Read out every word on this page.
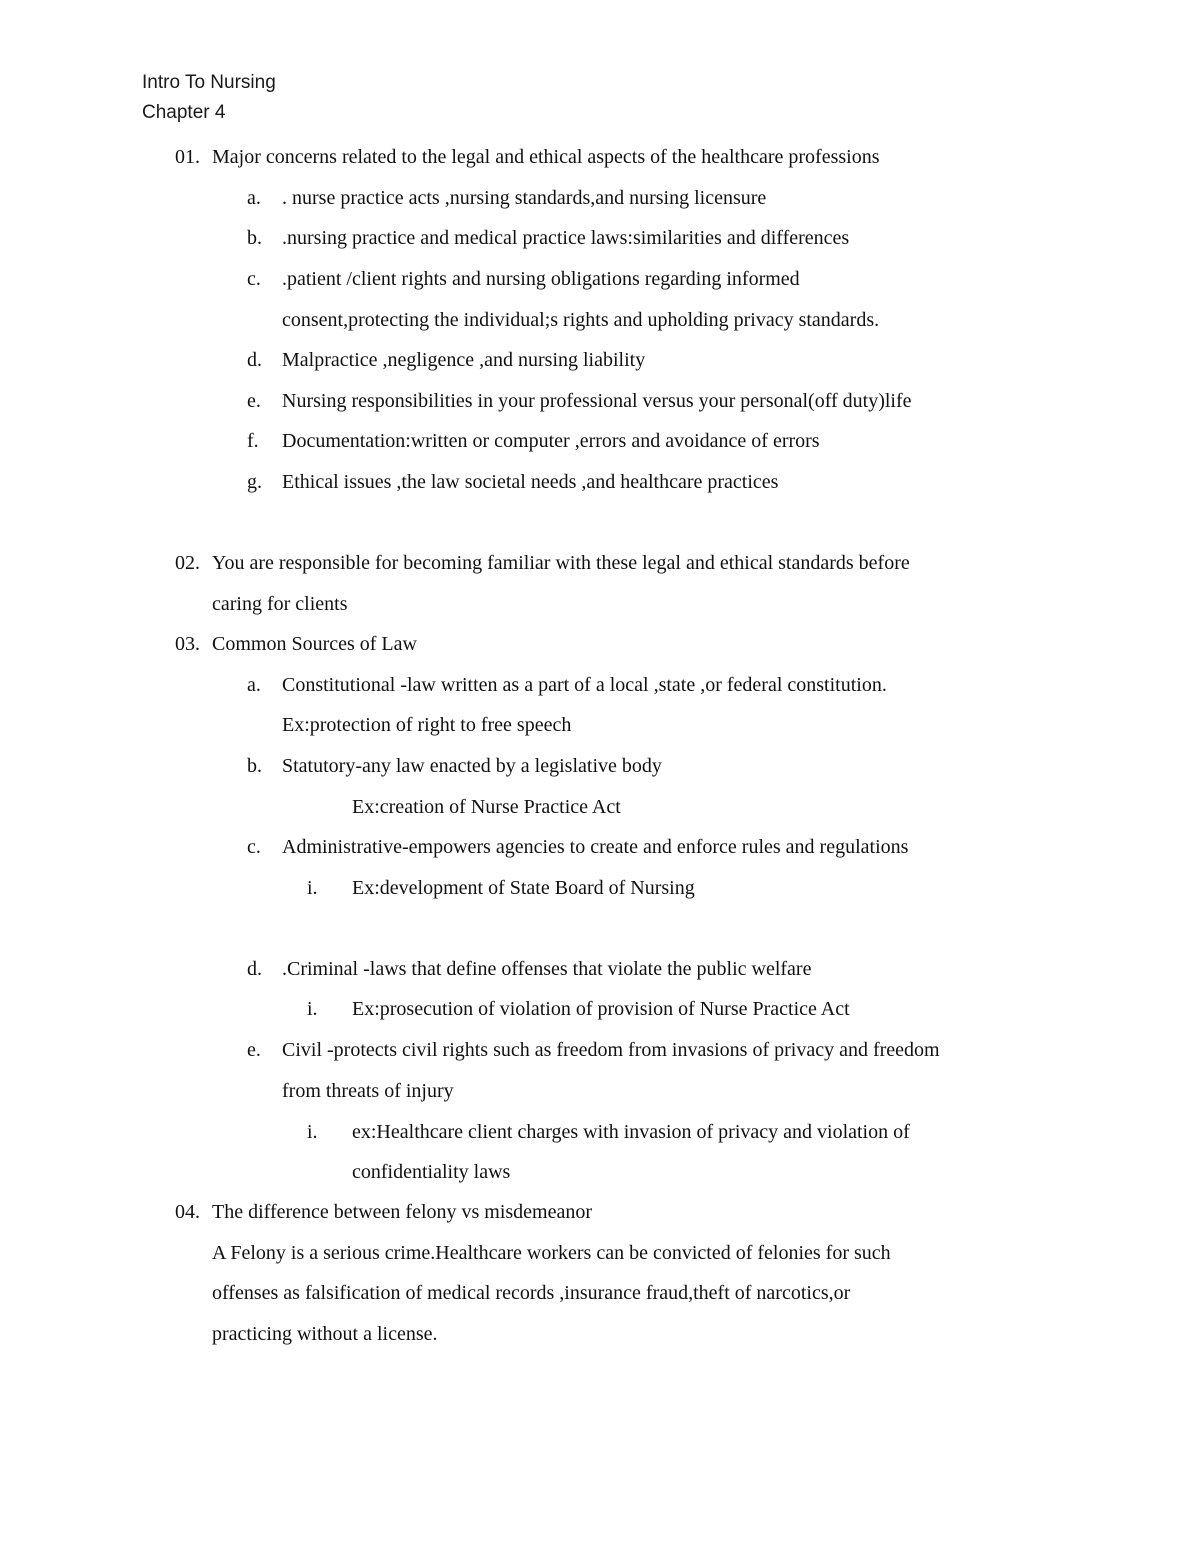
Intro To Nursing
Chapter 4
01. Major concerns related to the legal and ethical aspects of the healthcare professions
a. . nurse practice acts ,nursing standards,and nursing licensure
b. .nursing practice and medical practice laws:similarities and differences
c. .patient /client rights and nursing obligations regarding informed
consent,protecting the individual;s rights and upholding privacy standards.
d. Malpractice ,negligence ,and nursing liability
e. Nursing responsibilities in your professional versus your personal(off duty)life
f. Documentation:written or computer ,errors and avoidance of errors
g. Ethical issues ,the law societal needs ,and healthcare practices
02. You are responsible for becoming familiar with these legal and ethical standards before
caring for clients
03. Common Sources of Law
a. Constitutional -law written as a part of a local ,state ,or federal constitution.
Ex:protection of right to free speech
b. Statutory-any law enacted by a legislative body
Ex:creation of Nurse Practice Act
c. Administrative-empowers agencies to create and enforce rules and regulations
i. Ex:development of State Board of Nursing
d. .Criminal -laws that define offenses that violate the public welfare
i. Ex:prosecution of violation of provision of Nurse Practice Act
e. Civil -protects civil rights such as freedom from invasions of privacy and freedom
from threats of injury
i. ex:Healthcare client charges with invasion of privacy and violation of
confidentiality laws
04. The difference between felony vs misdemeanor
A Felony is a serious crime.Healthcare workers can be convicted of felonies for such
offenses as falsification of medical records ,insurance fraud,theft of narcotics,or
practicing without a license.
